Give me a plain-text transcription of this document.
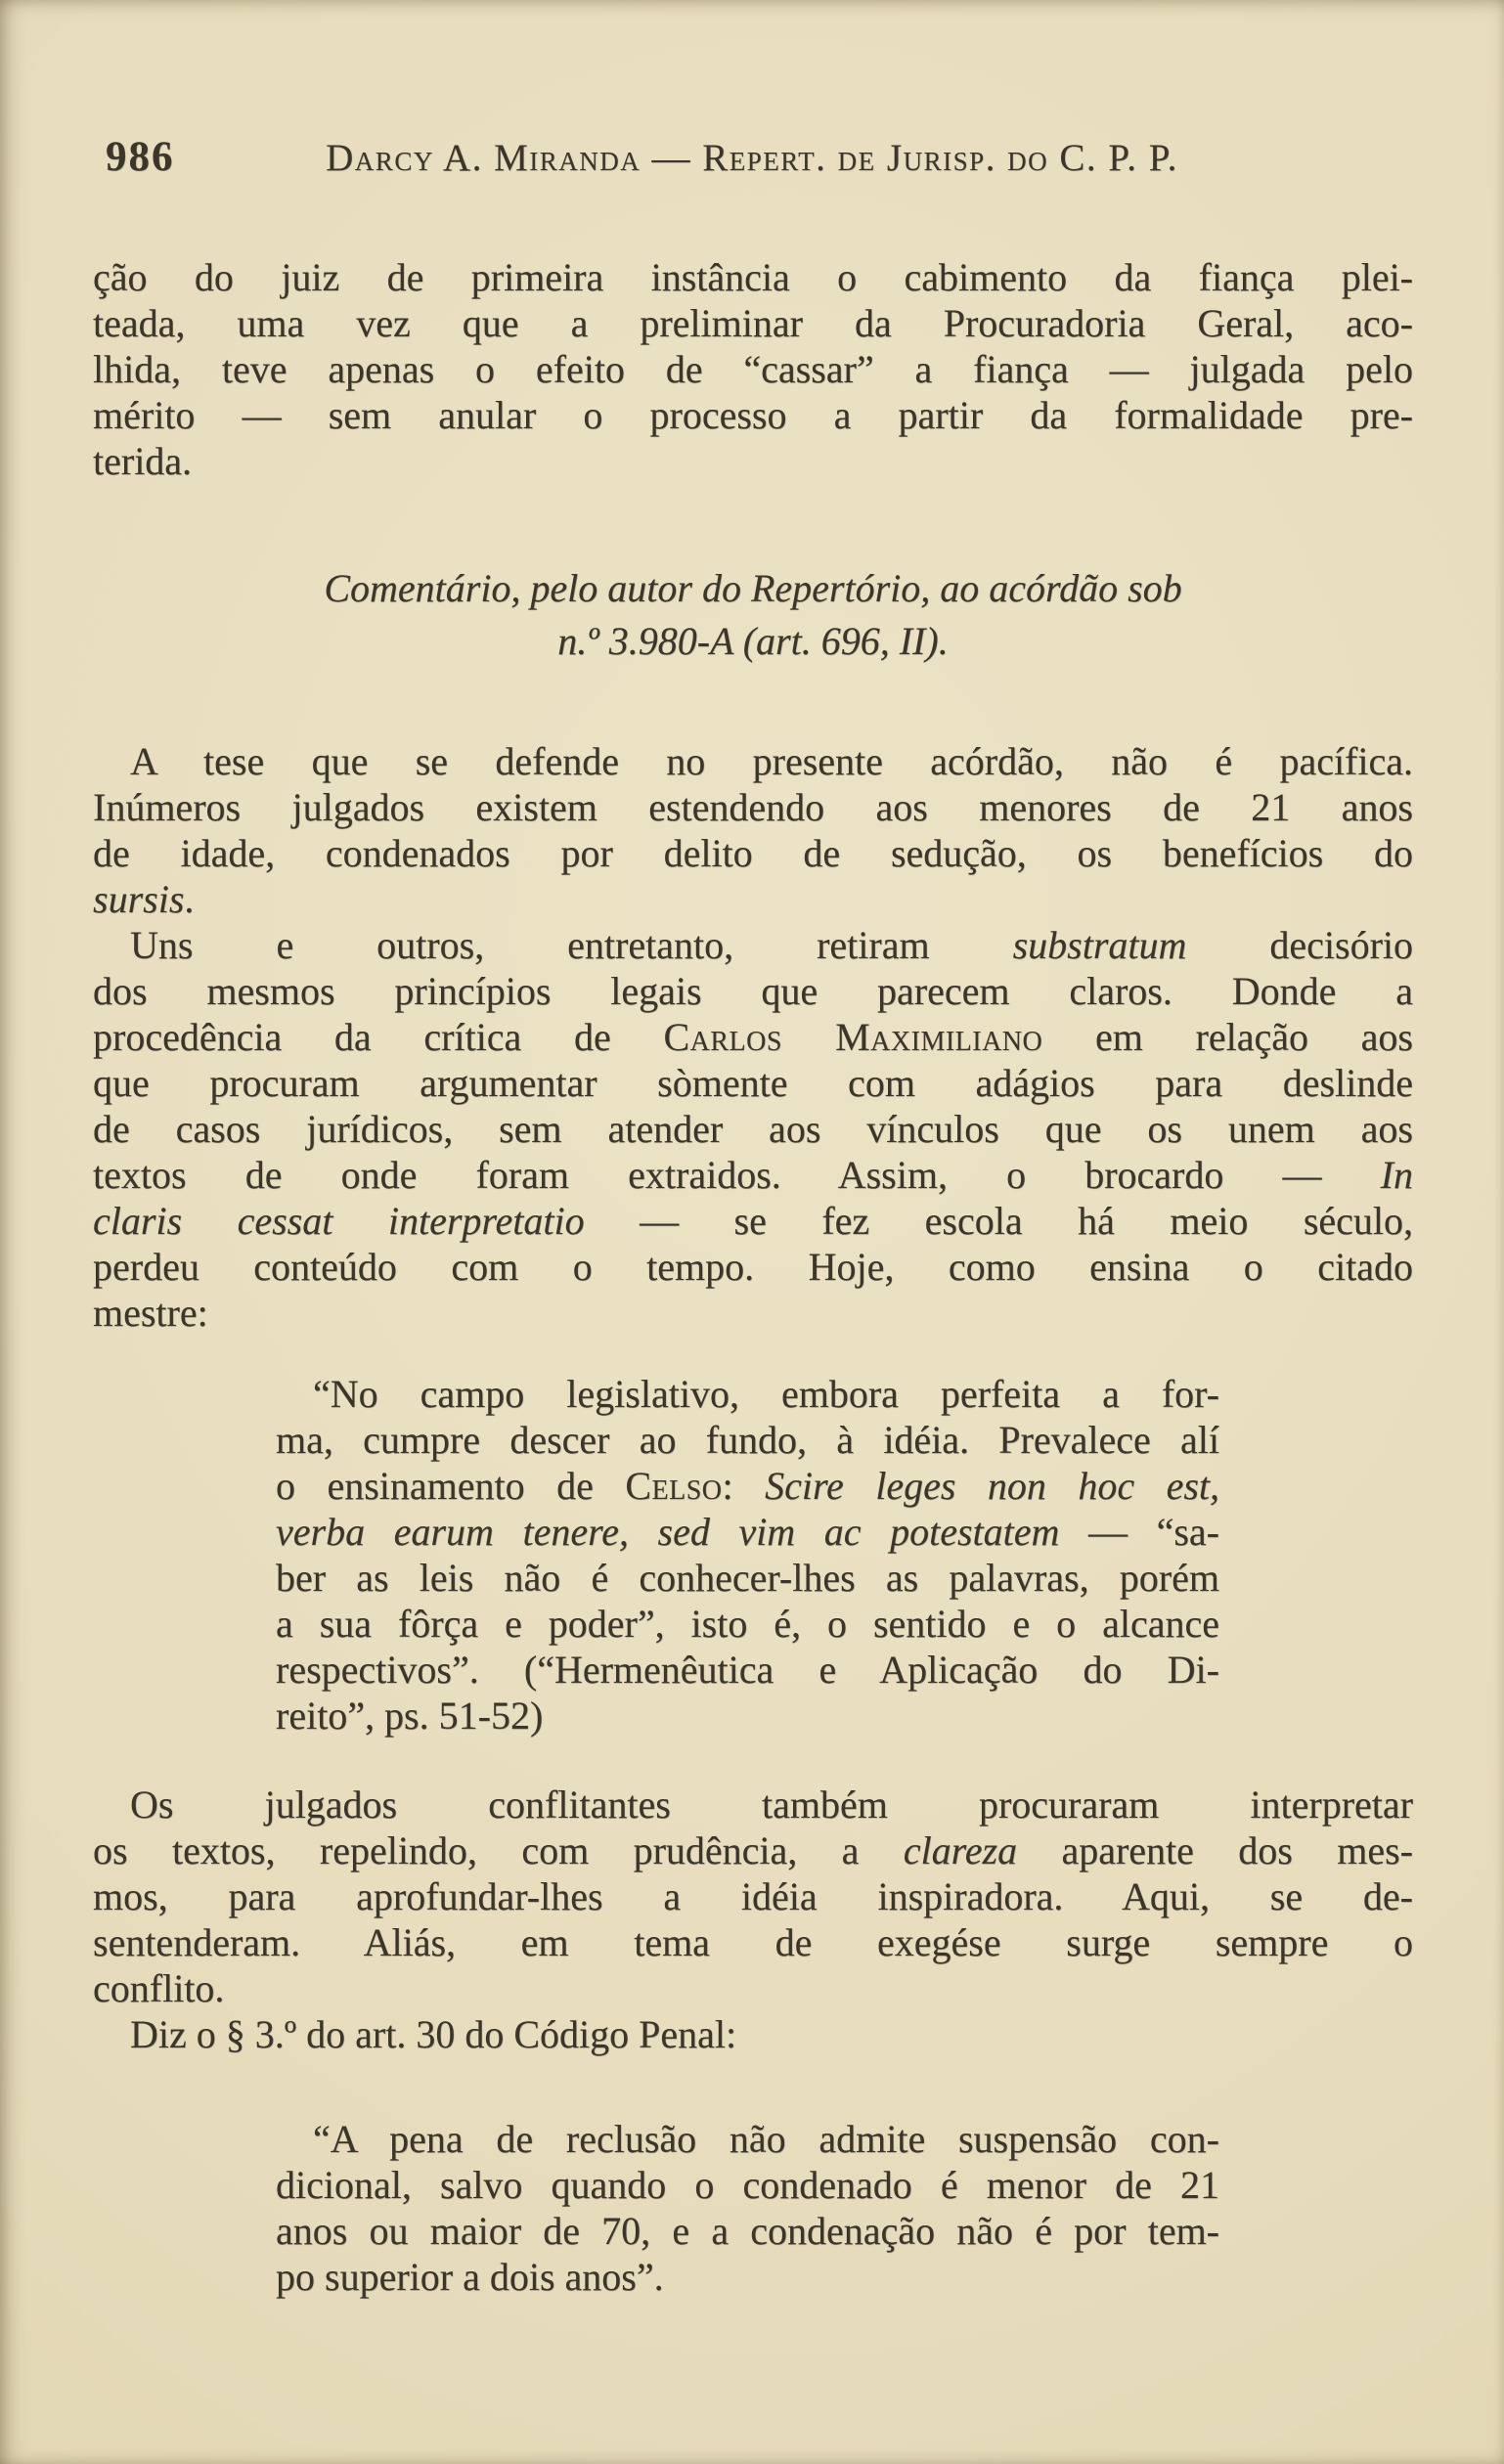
986	Darcy A. Miranda — Repert. de Jurisp. do C. P. P.
ção do juiz de primeira instância o cabimento da fiança plei-
teada, uma vez que a preliminar da Procuradoria Geral, aco-
lhida, teve apenas o efeito de “cassar” a fiança — julgada pelo
mérito — sem anular o processo a partir da formalidade pre-
terida.
Comentário, pelo autor do Repertório, ao acórdão sob
n.º 3.980-A (art. 696, II).
A tese que se defende no presente acórdão, não é pacífica.
Inúmeros julgados existem estendendo aos menores de 21 anos
de idade, condenados por delito de sedução, os benefícios do
sursis.
Uns e outros, entretanto, retiram substratum decisório
dos mesmos princípios legais que parecem claros. Donde a
procedência da crítica de Carlos Maximiliano em relação aos
que procuram argumentar sòmente com adágios para deslinde
de casos jurídicos, sem atender aos vínculos que os unem aos
textos de onde foram extraidos. Assim, o brocardo — In
claris cessat interpretatio — se fez escola há meio século,
perdeu conteúdo com o tempo. Hoje, como ensina o citado
mestre:
“No campo legislativo, embora perfeita a for-
ma, cumpre descer ao fundo, à idéia. Prevalece alí
o ensinamento de Celso: Scire leges non hoc est,
verba earum tenere, sed vim ac potestatem — “sa-
ber as leis não é conhecer-lhes as palavras, porém
a sua fôrça e poder”, isto é, o sentido e o alcance
respectivos”. (“Hermenêutica e Aplicação do Di-
reito”, ps. 51-52)
Os julgados conflitantes também procuraram interpretar
os textos, repelindo, com prudência, a clareza aparente dos mes-
mos, para aprofundar-lhes a idéia inspiradora. Aqui, se de-
sentenderam. Aliás, em tema de exegése surge sempre o
conflito.
Diz o § 3.º do art. 30 do Código Penal:
“A pena de reclusão não admite suspensão con-
dicional, salvo quando o condenado é menor de 21
anos ou maior de 70, e a condenação não é por tem-
po superior a dois anos”.
